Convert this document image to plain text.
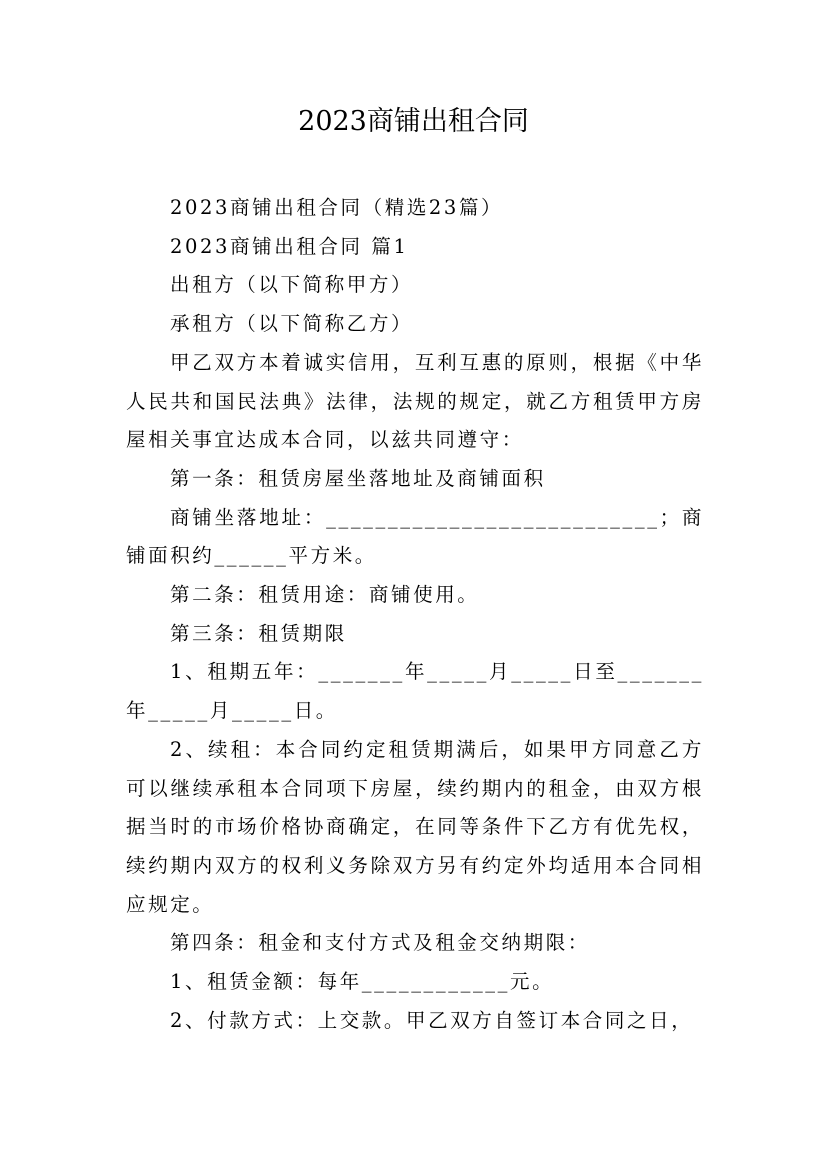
2023商铺出租合同

2023商铺出租合同（精选23篇）

2023商铺出租合同 篇1

出租方（以下简称甲方）

承租方（以下简称乙方）

甲乙双方本着诚实信用，互利互惠的原则，根据《中华人民共和国民法典》法律，法规的规定，就乙方租赁甲方房屋相关事宜达成本合同，以兹共同遵守：

第一条：租赁房屋坐落地址及商铺面积

商铺坐落地址：___________________________；商铺面积约______平方米。

第二条：租赁用途：商铺使用。

第三条：租赁期限

1、租期五年：_______年_____月_____日至_______年_____月_____日。

2、续租：本合同约定租赁期满后，如果甲方同意乙方可以继续承租本合同项下房屋，续约期内的租金，由双方根据当时的市场价格协商确定，在同等条件下乙方有优先权，续约期内双方的权利义务除双方另有约定外均适用本合同相应规定。

第四条：租金和支付方式及租金交纳期限：

1、租赁金额：每年____________元。

2、付款方式：上交款。甲乙双方自签订本合同之日，
